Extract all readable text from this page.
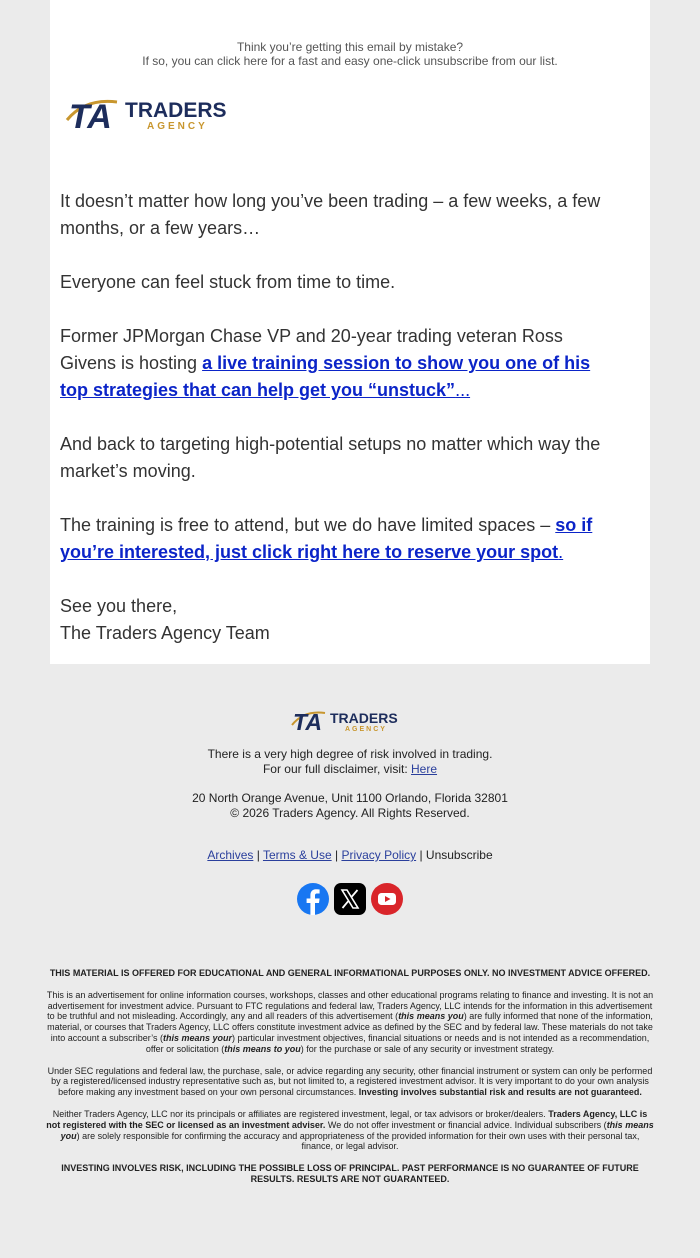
Think you’re getting this email by mistake?
If so, you can click here for a fast and easy one-click unsubscribe from our list.
TA TRADERS
AGENCY

It doesn’t matter how long you’ve been trading – a few weeks, a few months, or a few years…

Everyone can feel stuck from time to time.

Former JPMorgan Chase VP and 20-year trading veteran Ross Givens is hosting a live training session to show you one of his top strategies that can help get you “unstuck”...

And back to targeting high-potential setups no matter which way the market’s moving.

The training is free to attend, but we do have limited spaces – so if you’re interested, just click right here to reserve your spot.

See you there,
The Traders Agency Team

TA TRADERS
AGENCY
There is a very high degree of risk involved in trading.
For our full disclaimer, visit: Here
20 North Orange Avenue, Unit 1100 Orlando, Florida 32801
© 2026 Traders Agency. All Rights Reserved.
Archives | Terms & Use | Privacy Policy | Unsubscribe

THIS MATERIAL IS OFFERED FOR EDUCATIONAL AND GENERAL INFORMATIONAL PURPOSES ONLY. NO INVESTMENT ADVICE OFFERED.

This is an advertisement for online information courses, workshops, classes and other educational programs relating to finance and investing. It is not an advertisement for investment advice. Pursuant to FTC regulations and federal law, Traders Agency, LLC intends for the information in this advertisement to be truthful and not misleading. Accordingly, any and all readers of this advertisement (this means you) are fully informed that none of the information, material, or courses that Traders Agency, LLC offers constitute investment advice as defined by the SEC and by federal law. These materials do not take into account a subscriber’s (this means your) particular investment objectives, financial situations or needs and is not intended as a recommendation, offer or solicitation (this means to you) for the purchase or sale of any security or investment strategy.

Under SEC regulations and federal law, the purchase, sale, or advice regarding any security, other financial instrument or system can only be performed by a registered/licensed industry representative such as, but not limited to, a registered investment advisor. It is very important to do your own analysis before making any investment based on your own personal circumstances. Investing involves substantial risk and results are not guaranteed.

Neither Traders Agency, LLC nor its principals or affiliates are registered investment, legal, or tax advisors or broker/dealers. Traders Agency, LLC is not registered with the SEC or licensed as an investment adviser. We do not offer investment or financial advice. Individual subscribers (this means you) are solely responsible for confirming the accuracy and appropriateness of the provided information for their own uses with their personal tax, finance, or legal advisor.

INVESTING INVOLVES RISK, INCLUDING THE POSSIBLE LOSS OF PRINCIPAL. PAST PERFORMANCE IS NO GUARANTEE OF FUTURE RESULTS. RESULTS ARE NOT GUARANTEED.
